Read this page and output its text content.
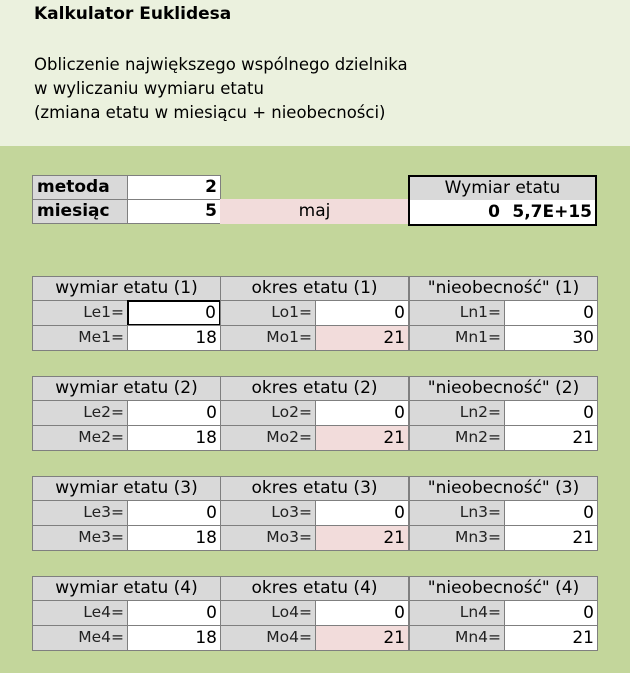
Kalkulator Euklidesa
Obliczenie największego wspólnego dzielnika
w wyliczaniu wymiaru etatu
(zmiana etatu w miesiącu + nieobecności)
metoda	2
miesiąc	5	maj
Wymiar etatu
0 5,7E+15
wymiar etatu (1)	okres etatu (1)	"nieobecność" (1)
Le1=	0	Lo1=	0	Ln1=	0
Me1=	18	Mo1=	21	Mn1=	30
wymiar etatu (2)	okres etatu (2)	"nieobecność" (2)
Le2=	0	Lo2=	0	Ln2=	0
Me2=	18	Mo2=	21	Mn2=	21
wymiar etatu (3)	okres etatu (3)	"nieobecność" (3)
Le3=	0	Lo3=	0	Ln3=	0
Me3=	18	Mo3=	21	Mn3=	21
wymiar etatu (4)	okres etatu (4)	"nieobecność" (4)
Le4=	0	Lo4=	0	Ln4=	0
Me4=	18	Mo4=	21	Mn4=	21
